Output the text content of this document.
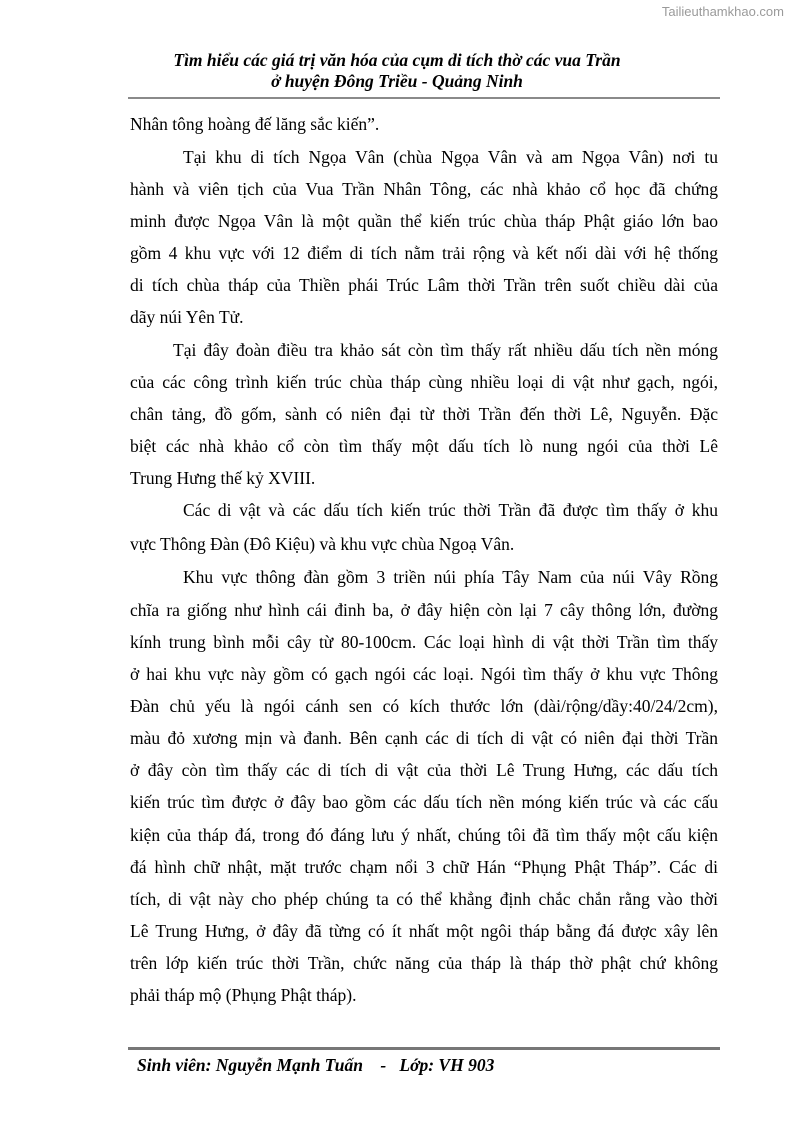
Tailieuthamkhao.com
Tìm hiểu các giá trị văn hóa của cụm di tích thờ các vua Trần
ở huyện Đông Triều - Quảng Ninh
Nhân tông hoàng đế lăng sắc kiến”.
Tại khu di tích Ngọa Vân (chùa Ngọa Vân và am Ngọa Vân) nơi tu
hành và viên tịch của Vua Trần Nhân Tông, các nhà khảo cổ học đã chứng
minh được Ngọa Vân là một quần thể kiến trúc chùa tháp Phật giáo lớn bao
gồm 4 khu vực với 12 điểm di tích nằm trải rộng và kết nối dài với hệ thống
di tích chùa tháp của Thiền phái Trúc Lâm thời Trần trên suốt chiều dài của
dãy núi Yên Tử.
Tại đây đoàn điều tra khảo sát còn tìm thấy rất nhiều dấu tích nền móng
của các công trình kiến trúc chùa tháp cùng nhiều loại di vật như gạch, ngói,
chân tảng, đồ gốm, sành có niên đại từ thời Trần đến thời Lê, Nguyễn. Đặc
biệt các nhà khảo cổ còn tìm thấy một dấu tích lò nung ngói của thời Lê
Trung Hưng thế kỷ XVIII.
Các di vật và các dấu tích kiến trúc thời Trần đã được tìm thấy ở khu
vực Thông Đàn (Đô Kiệu) và khu vực chùa Ngoạ Vân.
Khu vực thông đàn gồm 3 triền núi phía Tây Nam của núi Vây Rồng
chĩa ra giống như hình cái đinh ba, ở đây hiện còn lại 7 cây thông lớn, đường
kính trung bình mỗi cây từ 80-100cm. Các loại hình di vật thời Trần tìm thấy
ở hai khu vực này gồm có gạch ngói các loại. Ngói tìm thấy ở khu vực Thông
Đàn chủ yếu là ngói cánh sen có kích thước lớn (dài/rộng/dầy:40/24/2cm),
màu đỏ xương mịn và đanh. Bên cạnh các di tích di vật có niên đại thời Trần
ở đây còn tìm thấy các di tích di vật của thời Lê Trung Hưng, các dấu tích
kiến trúc tìm được ở đây bao gồm các dấu tích nền móng kiến trúc và các cấu
kiện của tháp đá, trong đó đáng lưu ý nhất, chúng tôi đã tìm thấy một cấu kiện
đá hình chữ nhật, mặt trước chạm nổi 3 chữ Hán “Phụng Phật Tháp”. Các di
tích, di vật này cho phép chúng ta có thể khẳng định chắc chắn rằng vào thời
Lê Trung Hưng, ở đây đã từng có ít nhất một ngôi tháp bằng đá được xây lên
trên lớp kiến trúc thời Trần, chức năng của tháp là tháp thờ phật chứ không
phải tháp mộ (Phụng Phật tháp).
Sinh viên: Nguyễn Mạnh Tuấn    -   Lớp: VH 903
